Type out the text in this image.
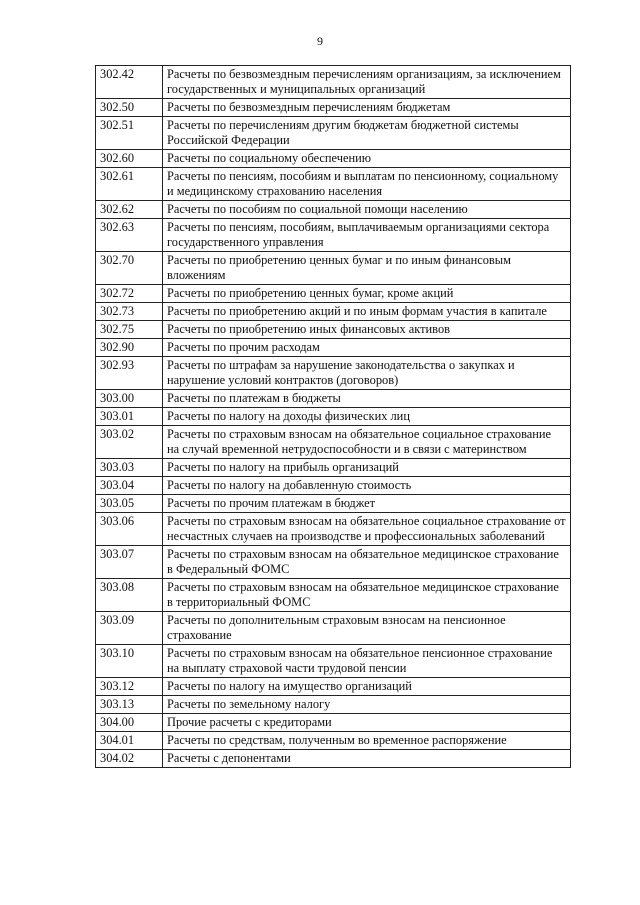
9
302.42	Расчеты по безвозмездным перечислениям организациям, за исключением государственных и муниципальных организаций
302.50	Расчеты по безвозмездным перечислениям бюджетам
302.51	Расчеты по перечислениям другим бюджетам бюджетной системы Российской Федерации
302.60	Расчеты по социальному обеспечению
302.61	Расчеты по пенсиям, пособиям и выплатам по пенсионному, социальному и медицинскому страхованию населения
302.62	Расчеты по пособиям по социальной помощи населению
302.63	Расчеты по пенсиям, пособиям, выплачиваемым организациями сектора государственного управления
302.70	Расчеты по приобретению ценных бумаг и по иным финансовым вложениям
302.72	Расчеты по приобретению ценных бумаг, кроме акций
302.73	Расчеты по приобретению акций и по иным формам участия в капитале
302.75	Расчеты по приобретению иных финансовых активов
302.90	Расчеты по прочим расходам
302.93	Расчеты по штрафам за нарушение законодательства о закупках и нарушение условий контрактов (договоров)
303.00	Расчеты по платежам в бюджеты
303.01	Расчеты по налогу на доходы физических лиц
303.02	Расчеты по страховым взносам на обязательное социальное страхование на случай временной нетрудоспособности и в связи с материнством
303.03	Расчеты по налогу на прибыль организаций
303.04	Расчеты по налогу на добавленную стоимость
303.05	Расчеты по прочим платежам в бюджет
303.06	Расчеты по страховым взносам на обязательное социальное страхование от несчастных случаев на производстве и профессиональных заболеваний
303.07	Расчеты по страховым взносам на обязательное медицинское страхование в Федеральный ФОМС
303.08	Расчеты по страховым взносам на обязательное медицинское страхование в территориальный ФОМС
303.09	Расчеты по дополнительным страховым взносам на пенсионное страхование
303.10	Расчеты по страховым взносам на обязательное пенсионное страхование на выплату страховой части трудовой пенсии
303.12	Расчеты по налогу на имущество организаций
303.13	Расчеты по земельному налогу
304.00	Прочие расчеты с кредиторами
304.01	Расчеты по средствам, полученным во временное распоряжение
304.02	Расчеты с депонентами
